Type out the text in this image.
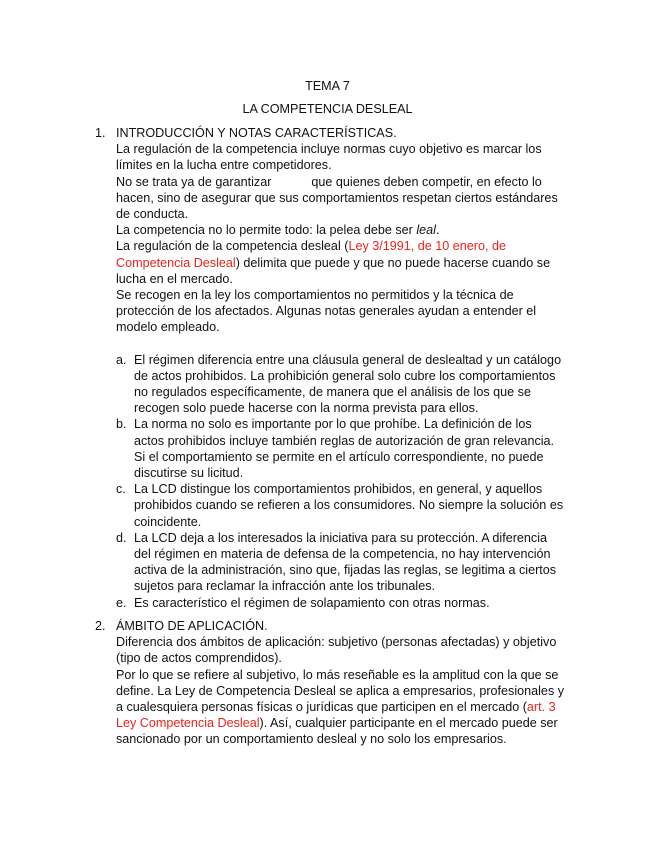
TEMA 7
LA COMPETENCIA DESLEAL
1. INTRODUCCIÓN Y NOTAS CARACTERÍSTICAS.

La regulación de la competencia incluye normas cuyo objetivo es marcar los límites en la lucha entre competidores.

No se trata ya de garantizar	que quienes deben competir, en efecto lo hacen, sino de asegurar que sus comportamientos respetan ciertos estándares de conducta.

La competencia no lo permite todo: la pelea debe ser leal.

La regulación de la competencia desleal (Ley 3/1991, de 10 enero, de Competencia Desleal) delimita que puede y que no puede hacerse cuando se lucha en el mercado.

Se recogen en la ley los comportamientos no permitidos y la técnica de protección de los afectados. Algunas notas generales ayudan a entender el modelo empleado.

a. El régimen diferencia entre una cláusula general de deslealtad y un catálogo de actos prohibidos. La prohibición general solo cubre los comportamientos no regulados específicamente, de manera que el análisis de los que se recogen solo puede hacerse con la norma prevista para ellos.
b. La norma no solo es importante por lo que prohíbe. La definición de los actos prohibidos incluye también reglas de autorización de gran relevancia. Si el comportamiento se permite en el artículo correspondiente, no puede discutirse su licitud.
c. La LCD distingue los comportamientos prohibidos, en general, y aquellos prohibidos cuando se refieren a los consumidores. No siempre la solución es coincidente.
d. La LCD deja a los interesados la iniciativa para su protección. A diferencia del régimen en materia de defensa de la competencia, no hay intervención activa de la administración, sino que, fijadas las reglas, se legitima a ciertos sujetos para reclamar la infracción ante los tribunales.
e. Es característico el régimen de solapamiento con otras normas.
2. ÁMBITO DE APLICACIÓN.

Diferencia dos ámbitos de aplicación: subjetivo (personas afectadas) y objetivo (tipo de actos comprendidos).

Por lo que se refiere al subjetivo, lo más reseñable es la amplitud con la que se define. La Ley de Competencia Desleal se aplica a empresarios, profesionales y a cualesquiera personas físicas o jurídicas que participen en el mercado (art. 3 Ley Competencia Desleal). Así, cualquier participante en el mercado puede ser sancionado por un comportamiento desleal y no solo los empresarios.
